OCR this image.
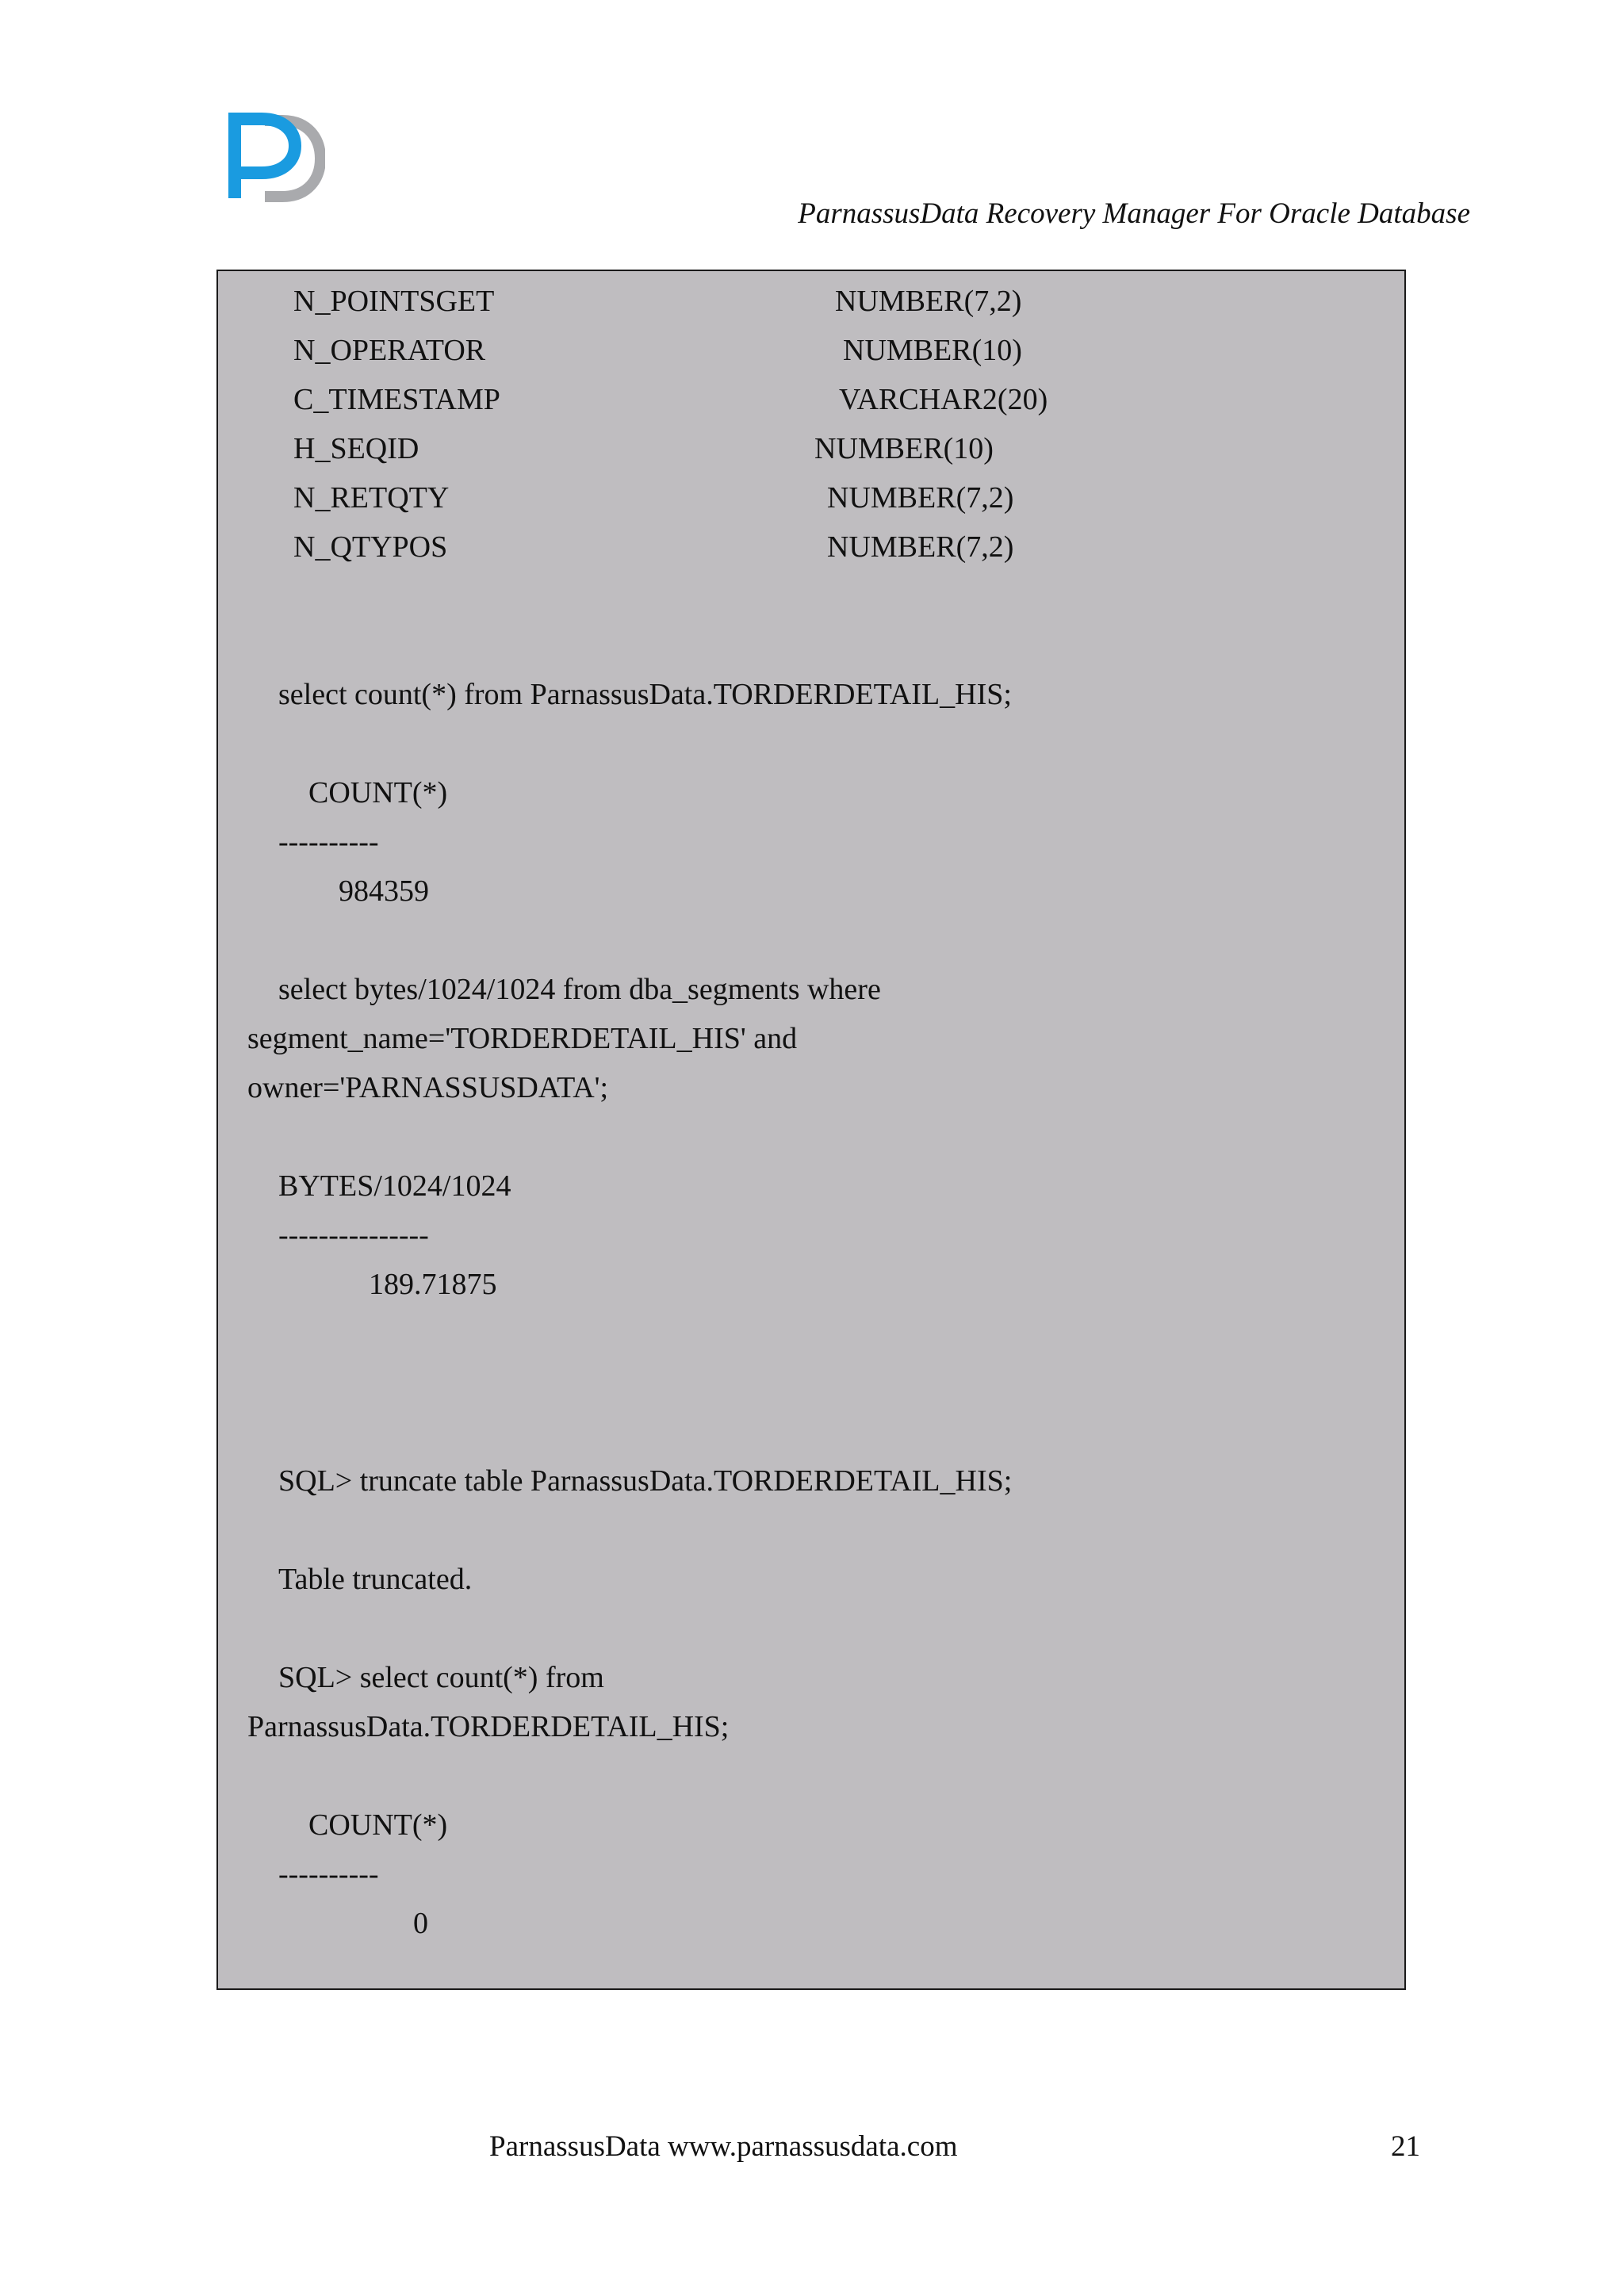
ParnassusData Recovery Manager For Oracle Database
N_POINTSGET	NUMBER(7,2)
N_OPERATOR	NUMBER(10)
C_TIMESTAMP	VARCHAR2(20)
H_SEQID	NUMBER(10)
N_RETQTY	NUMBER(7,2)
N_QTYPOS	NUMBER(7,2)
select count(*) from ParnassusData.TORDERDETAIL_HIS;
COUNT(*)
----------
984359
select bytes/1024/1024 from dba_segments where
segment_name='TORDERDETAIL_HIS' and
owner='PARNASSUSDATA';
BYTES/1024/1024
---------------
189.71875
SQL> truncate table ParnassusData.TORDERDETAIL_HIS;
Table truncated.
SQL> select count(*) from
ParnassusData.TORDERDETAIL_HIS;
COUNT(*)
----------
0
ParnassusData www.parnassusdata.com	21
